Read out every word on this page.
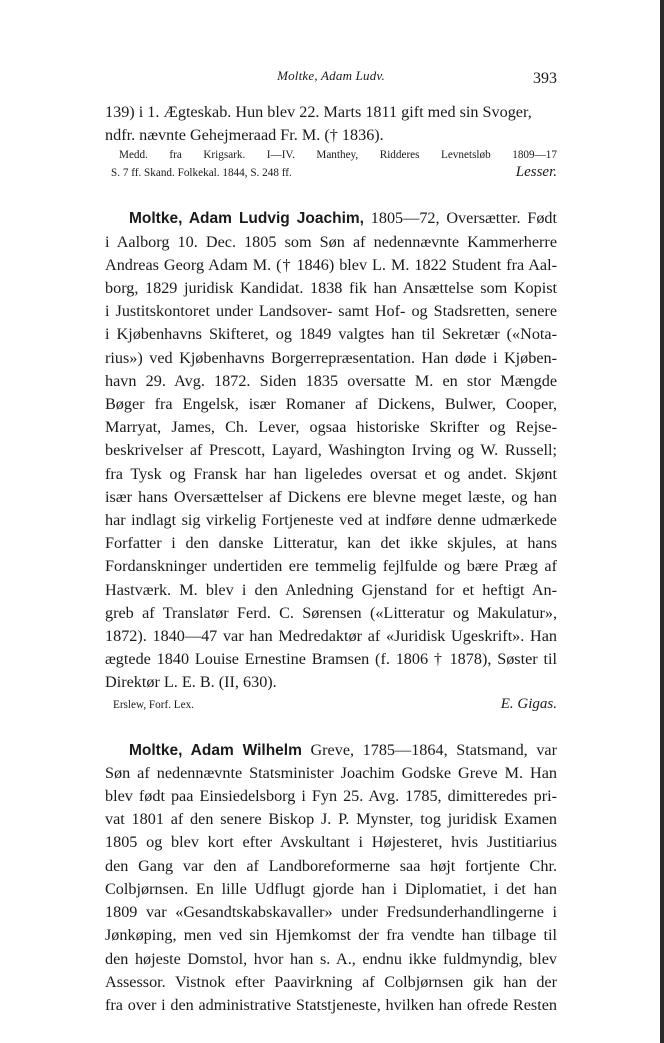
Moltke, Adam Ludv.	393

139) i 1. Ægteskab. Hun blev 22. Marts 1811 gift med sin Svoger,

ndfr. nævnte Gehejmeraad Fr. M. († 1836).

Medd. fra Krigsark. I—IV. Manthey, Ridderes Levnetsløb 1809—17

S. 7 ff. Skand. Folkekal. 1844, S. 248 ff.	Lesser.

Moltke, Adam Ludvig Joachim, 1805—72, Oversætter. Født

i Aalborg 10. Dec. 1805 som Søn af nedennævnte Kammerherre

Andreas Georg Adam M. († 1846) blev L. M. 1822 Student fra Aal-

borg, 1829 juridisk Kandidat. 1838 fik han Ansættelse som Kopist

i Justitskontoret under Landsover- samt Hof- og Stadsretten, senere

i Kjøbenhavns Skifteret, og 1849 valgtes han til Sekretær («Nota-

rius») ved Kjøbenhavns Borgerrepræsentation. Han døde i Kjøben-

havn 29. Avg. 1872. Siden 1835 oversatte M. en stor Mængde

Bøger fra Engelsk, især Romaner af Dickens, Bulwer, Cooper,

Marryat, James, Ch. Lever, ogsaa historiske Skrifter og Rejse-

beskrivelser af Prescott, Layard, Washington Irving og W. Russell;

fra Tysk og Fransk har han ligeledes oversat et og andet. Skjønt

især hans Oversættelser af Dickens ere blevne meget læste, og han

har indlagt sig virkelig Fortjeneste ved at indføre denne udmærkede

Forfatter i den danske Litteratur, kan det ikke skjules, at hans

Fordanskninger undertiden ere temmelig fejlfulde og bære Præg af

Hastværk. M. blev i den Anledning Gjenstand for et heftigt An-

greb af Translatør Ferd. C. Sørensen («Litteratur og Makulatur»,

1872). 1840—47 var han Medredaktør af «Juridisk Ugeskrift». Han

ægtede 1840 Louise Ernestine Bramsen (f. 1806 † 1878), Søster til

Direktør L. E. B. (II, 630).

Erslew, Forf. Lex.	E. Gigas.

Moltke, Adam Wilhelm Greve, 1785—1864, Statsmand, var

Søn af nedennævnte Statsminister Joachim Godske Greve M. Han

blev født paa Einsiedelsborg i Fyn 25. Avg. 1785, dimitteredes pri-

vat 1801 af den senere Biskop J. P. Mynster, tog juridisk Examen

1805 og blev kort efter Avskultant i Højesteret, hvis Justitiarius

den Gang var den af Landboreformerne saa højt fortjente Chr.

Colbjørnsen. En lille Udflugt gjorde han i Diplomatiet, i det han

1809 var «Gesandtskabskavaller» under Fredsunderhandlingerne i

Jønkøping, men ved sin Hjemkomst der fra vendte han tilbage til

den højeste Domstol, hvor han s. A., endnu ikke fuldmyndig, blev

Assessor. Vistnok efter Paavirkning af Colbjørnsen gik han der

fra over i den administrative Statstjeneste, hvilken han ofrede Resten
